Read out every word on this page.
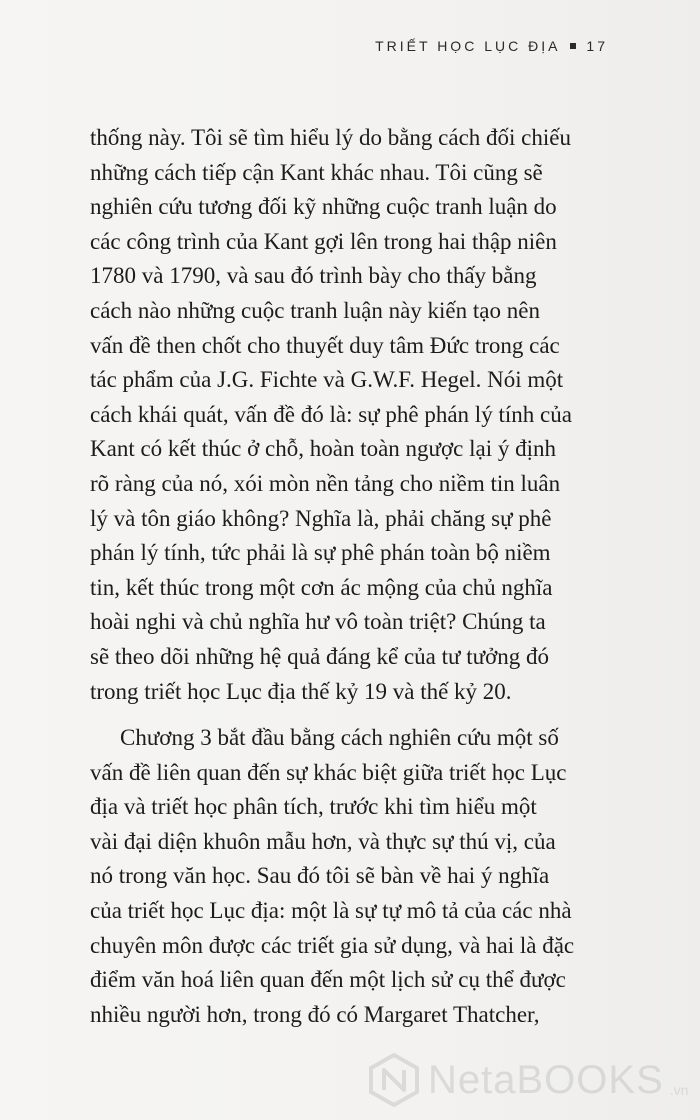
TRIẾT HỌC LỤC ĐỊA 17
thống này. Tôi sẽ tìm hiểu lý do bằng cách đối chiếu
những cách tiếp cận Kant khác nhau. Tôi cũng sẽ
nghiên cứu tương đối kỹ những cuộc tranh luận do
các công trình của Kant gợi lên trong hai thập niên
1780 và 1790, và sau đó trình bày cho thấy bằng
cách nào những cuộc tranh luận này kiến tạo nên
vấn đề then chốt cho thuyết duy tâm Đức trong các
tác phẩm của J.G. Fichte và G.W.F. Hegel. Nói một
cách khái quát, vấn đề đó là: sự phê phán lý tính của
Kant có kết thúc ở chỗ, hoàn toàn ngược lại ý định
rõ ràng của nó, xói mòn nền tảng cho niềm tin luân
lý và tôn giáo không? Nghĩa là, phải chăng sự phê
phán lý tính, tức phải là sự phê phán toàn bộ niềm
tin, kết thúc trong một cơn ác mộng của chủ nghĩa
hoài nghi và chủ nghĩa hư vô toàn triệt? Chúng ta
sẽ theo dõi những hệ quả đáng kể của tư tưởng đó
trong triết học Lục địa thế kỷ 19 và thế kỷ 20.
Chương 3 bắt đầu bằng cách nghiên cứu một số
vấn đề liên quan đến sự khác biệt giữa triết học Lục
địa và triết học phân tích, trước khi tìm hiểu một
vài đại diện khuôn mẫu hơn, và thực sự thú vị, của
nó trong văn học. Sau đó tôi sẽ bàn về hai ý nghĩa
của triết học Lục địa: một là sự tự mô tả của các nhà
chuyên môn được các triết gia sử dụng, và hai là đặc
điểm văn hoá liên quan đến một lịch sử cụ thể được
nhiều người hơn, trong đó có Margaret Thatcher,
NetaBOOKS .vn
